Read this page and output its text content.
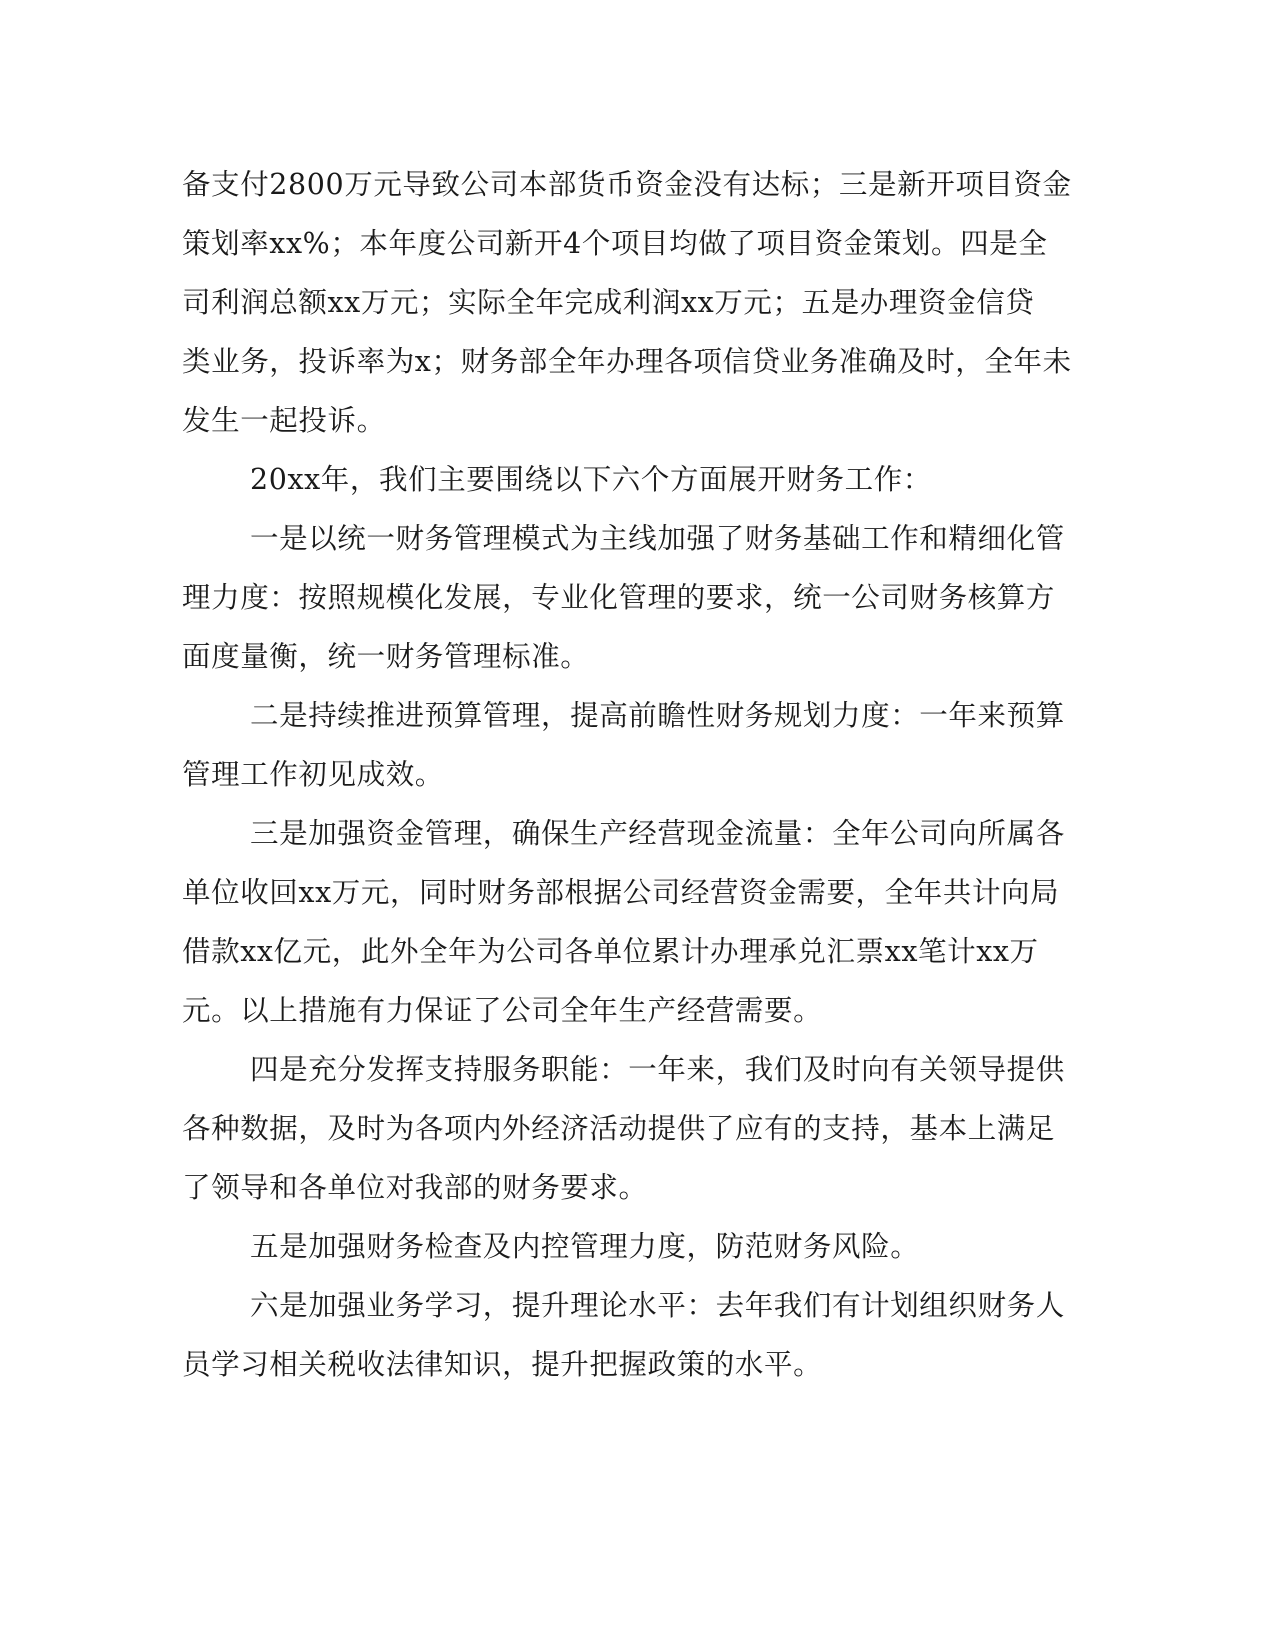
备支付2800万元导致公司本部货币资金没有达标；三是新开项目资金
策划率xx%；本年度公司新开4个项目均做了项目资金策划。四是全
司利润总额xx万元；实际全年完成利润xx万元；五是办理资金信贷
类业务，投诉率为x；财务部全年办理各项信贷业务准确及时，全年未
发生一起投诉。
20xx年，我们主要围绕以下六个方面展开财务工作：
一是以统一财务管理模式为主线加强了财务基础工作和精细化管
理力度：按照规模化发展，专业化管理的要求，统一公司财务核算方
面度量衡，统一财务管理标准。
二是持续推进预算管理，提高前瞻性财务规划力度：一年来预算
管理工作初见成效。
三是加强资金管理，确保生产经营现金流量：全年公司向所属各
单位收回xx万元，同时财务部根据公司经营资金需要，全年共计向局
借款xx亿元，此外全年为公司各单位累计办理承兑汇票xx笔计xx万
元。以上措施有力保证了公司全年生产经营需要。
四是充分发挥支持服务职能：一年来，我们及时向有关领导提供
各种数据，及时为各项内外经济活动提供了应有的支持，基本上满足
了领导和各单位对我部的财务要求。
五是加强财务检查及内控管理力度，防范财务风险。
六是加强业务学习，提升理论水平：去年我们有计划组织财务人
员学习相关税收法律知识，提升把握政策的水平。
